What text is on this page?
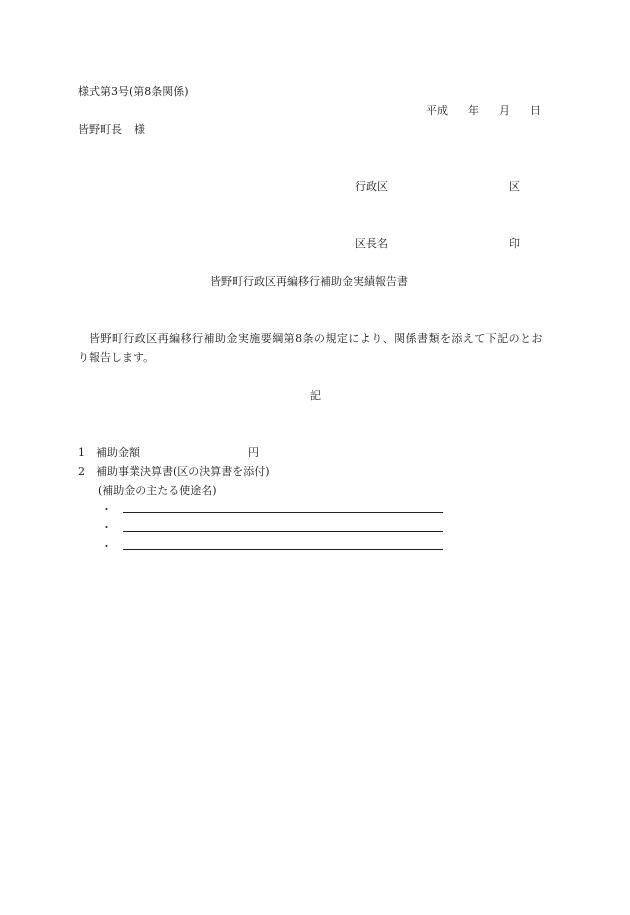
様式第3号(第8条関係)
平成 年 月 日
皆野町長 様
行政区	区
区長名	印
皆野町行政区再編移行補助金実績報告書
皆野町行政区再編移行補助金実施要綱第8条の規定により、関係書類を添えて下記のとお
り報告します。
記
1 補助金額	円
2 補助事業決算書(区の決算書を添付)
(補助金の主たる使途名)
・
・
・
